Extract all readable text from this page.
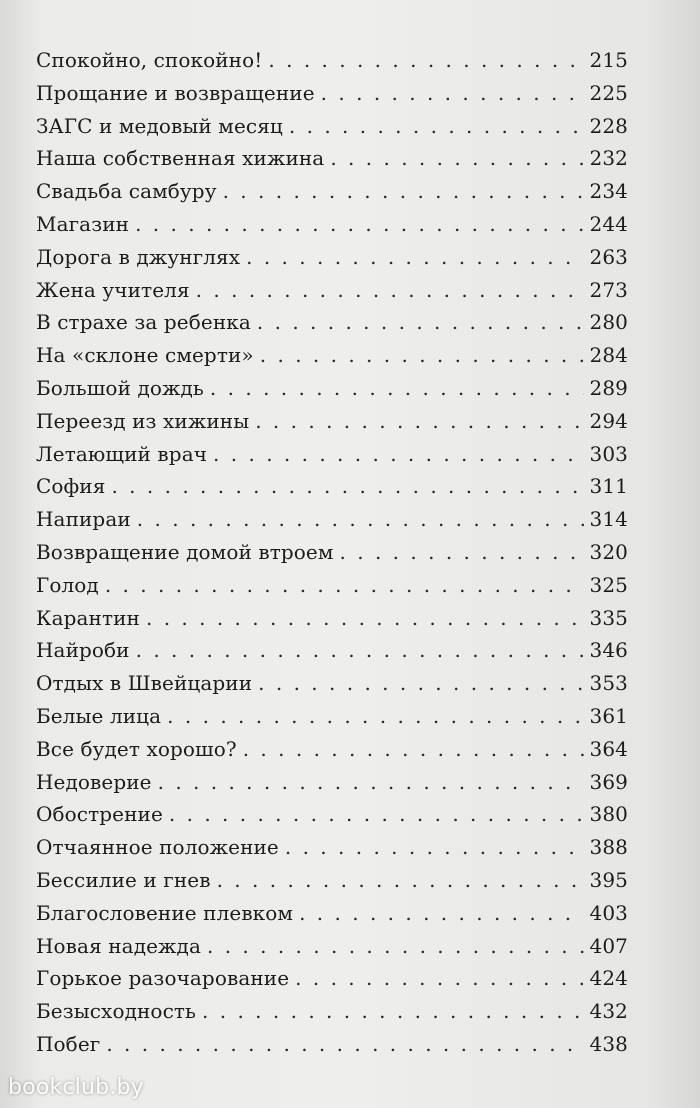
Спокойно, спокойно! . . .	215
Прощание и возвращение . . .	225
ЗАГС и медовый месяц . . .	228
Наша собственная хижина . . .	232
Свадьба самбуру . . .	234
Магазин . . .	244
Дорога в джунглях . . .	263
Жена учителя . . .	273
В страхе за ребенка . . .	280
На «склоне смерти» . . .	284
Большой дождь . . .	289
Переезд из хижины . . .	294
Летающий врач . . .	303
София . . .	311
Напираи . . .	314
Возвращение домой втроем . . .	320
Голод . . .	325
Карантин . . .	335
Найроби . . .	346
Отдых в Швейцарии . . .	353
Белые лица . . .	361
Все будет хорошо? . . .	364
Недоверие . . .	369
Обострение . . .	380
Отчаянное положение . . .	388
Бессилие и гнев . . .	395
Благословение плевком . . .	403
Новая надежда . . .	407
Горькое разочарование . . .	424
Безысходность . . .	432
Побег . . .	438
bookclub.by
